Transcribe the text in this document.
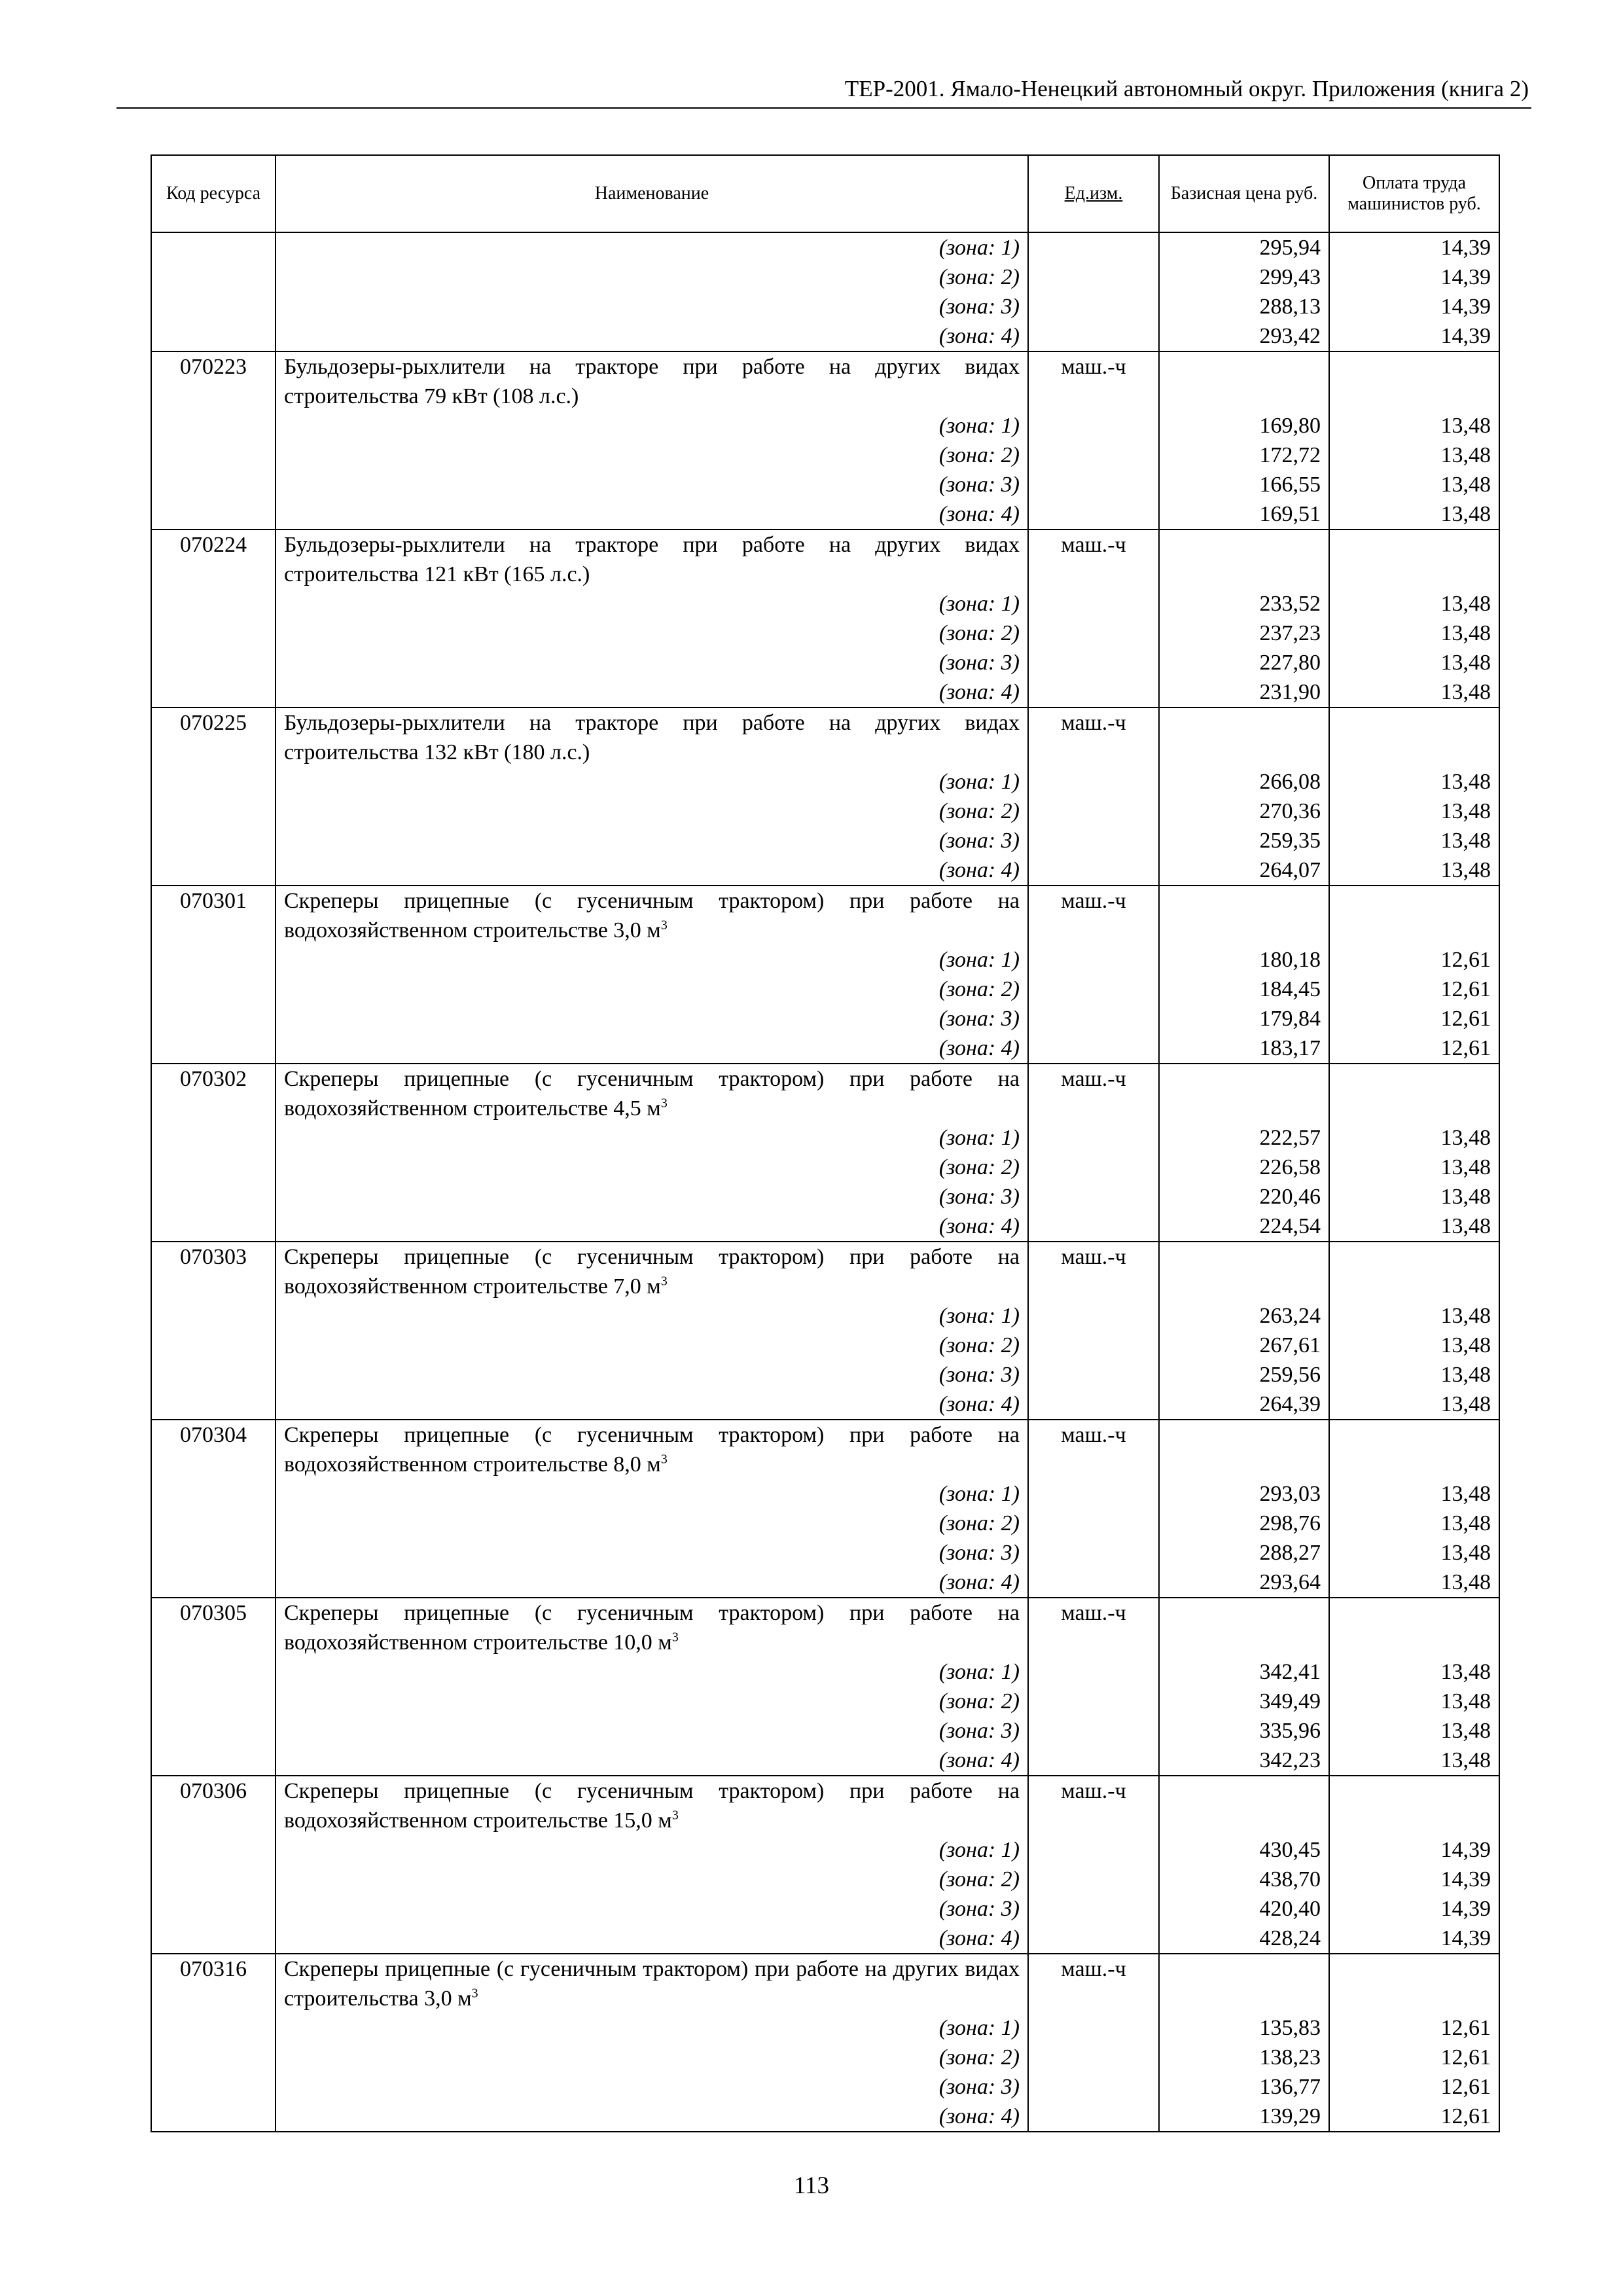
ТЕР-2001. Ямало-Ненецкий автономный округ. Приложения (книга 2)
Код ресурса	Наименование	Ед.изм.	Базисная цена руб.	Оплата труда машинистов руб.
	(зона: 1)		295,94	14,39
	(зона: 2)		299,43	14,39
	(зона: 3)		288,13	14,39
	(зона: 4)		293,42	14,39
070223	Бульдозеры-рыхлители на тракторе при работе на других видах строительства 79 кВт (108 л.с.)	маш.-ч		
	(зона: 1)		169,80	13,48
	(зона: 2)		172,72	13,48
	(зона: 3)		166,55	13,48
	(зона: 4)		169,51	13,48
070224	Бульдозеры-рыхлители на тракторе при работе на других видах строительства 121 кВт (165 л.с.)	маш.-ч		
	(зона: 1)		233,52	13,48
	(зона: 2)		237,23	13,48
	(зона: 3)		227,80	13,48
	(зона: 4)		231,90	13,48
070225	Бульдозеры-рыхлители на тракторе при работе на других видах строительства 132 кВт (180 л.с.)	маш.-ч		
	(зона: 1)		266,08	13,48
	(зона: 2)		270,36	13,48
	(зона: 3)		259,35	13,48
	(зона: 4)		264,07	13,48
070301	Скреперы прицепные (с гусеничным трактором) при работе на водохозяйственном строительстве 3,0 $м^3$	маш.-ч		
	(зона: 1)		180,18	12,61
	(зона: 2)		184,45	12,61
	(зона: 3)		179,84	12,61
	(зона: 4)		183,17	12,61
070302	Скреперы прицепные (с гусеничным трактором) при работе на водохозяйственном строительстве 4,5 $м^3$	маш.-ч		
	(зона: 1)		222,57	13,48
	(зона: 2)		226,58	13,48
	(зона: 3)		220,46	13,48
	(зона: 4)		224,54	13,48
070303	Скреперы прицепные (с гусеничным трактором) при работе на водохозяйственном строительстве 7,0 $м^3$	маш.-ч		
	(зона: 1)		263,24	13,48
	(зона: 2)		267,61	13,48
	(зона: 3)		259,56	13,48
	(зона: 4)		264,39	13,48
070304	Скреперы прицепные (с гусеничным трактором) при работе на водохозяйственном строительстве 8,0 $м^3$	маш.-ч		
	(зона: 1)		293,03	13,48
	(зона: 2)		298,76	13,48
	(зона: 3)		288,27	13,48
	(зона: 4)		293,64	13,48
070305	Скреперы прицепные (с гусеничным трактором) при работе на водохозяйственном строительстве 10,0 $м^3$	маш.-ч		
	(зона: 1)		342,41	13,48
	(зона: 2)		349,49	13,48
	(зона: 3)		335,96	13,48
	(зона: 4)		342,23	13,48
070306	Скреперы прицепные (с гусеничным трактором) при работе на водохозяйственном строительстве 15,0 $м^3$	маш.-ч		
	(зона: 1)		430,45	14,39
	(зона: 2)		438,70	14,39
	(зона: 3)		420,40	14,39
	(зона: 4)		428,24	14,39
070316	Скреперы прицепные (с гусеничным трактором) при работе на других видах строительства 3,0 $м^3$	маш.-ч		
	(зона: 1)		135,83	12,61
	(зона: 2)		138,23	12,61
	(зона: 3)		136,77	12,61
	(зона: 4)		139,29	12,61
113
